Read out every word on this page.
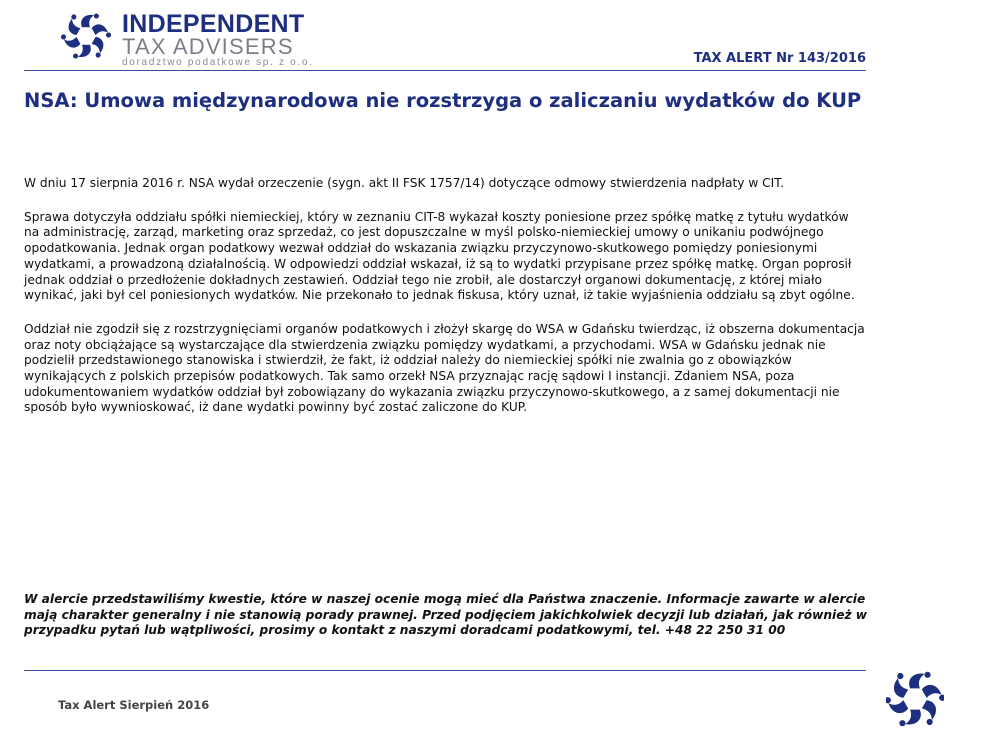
INDEPENDENT
TAX ADVISERS
doradztwo podatkowe sp. z o.o.	TAX ALERT Nr 143/2016
NSA: Umowa międzynarodowa nie rozstrzyga o zaliczaniu wydatków do KUP

W dniu 17 sierpnia 2016 r. NSA wydał orzeczenie (sygn. akt II FSK 1757/14) dotyczące odmowy stwierdzenia nadpłaty w CIT.

Sprawa dotyczyła oddziału spółki niemieckiej, który w zeznaniu CIT-8 wykazał koszty poniesione przez spółkę matkę z tytułu wydatków na administrację, zarząd, marketing oraz sprzedaż, co jest dopuszczalne w myśl polsko-niemieckiej umowy o unikaniu podwójnego opodatkowania. Jednak organ podatkowy wezwał oddział do wskazania związku przyczynowo-skutkowego pomiędzy poniesionymi wydatkami, a prowadzoną działalnością. W odpowiedzi oddział wskazał, iż są to wydatki przypisane przez spółkę matkę. Organ poprosił jednak oddział o przedłożenie dokładnych zestawień. Oddział tego nie zrobił, ale dostarczył organowi dokumentację, z której miało wynikać, jaki był cel poniesionych wydatków. Nie przekonało to jednak fiskusa, który uznał, iż takie wyjaśnienia oddziału są zbyt ogólne.

Oddział nie zgodził się z rozstrzygnięciami organów podatkowych i złożył skargę do WSA w Gdańsku twierdząc, iż obszerna dokumentacja oraz noty obciążające są wystarczające dla stwierdzenia związku pomiędzy wydatkami, a przychodami. WSA w Gdańsku jednak nie podzielił przedstawionego stanowiska i stwierdził, że fakt, iż oddział należy do niemieckiej spółki nie zwalnia go z obowiązków wynikających z polskich przepisów podatkowych. Tak samo orzekł NSA przyznając rację sądowi I instancji. Zdaniem NSA, poza udokumentowaniem wydatków oddział był zobowiązany do wykazania związku przyczynowo-skutkowego, a z samej dokumentacji nie sposób było wywnioskować, iż dane wydatki powinny być zostać zaliczone do KUP.

W alercie przedstawiliśmy kwestie, które w naszej ocenie mogą mieć dla Państwa znaczenie. Informacje zawarte w alercie mają charakter generalny i nie stanowią porady prawnej. Przed podjęciem jakichkolwiek decyzji lub działań, jak również w przypadku pytań lub wątpliwości, prosimy o kontakt z naszymi doradcami podatkowymi, tel. +48 22 250 31 00

Tax Alert Sierpień 2016
